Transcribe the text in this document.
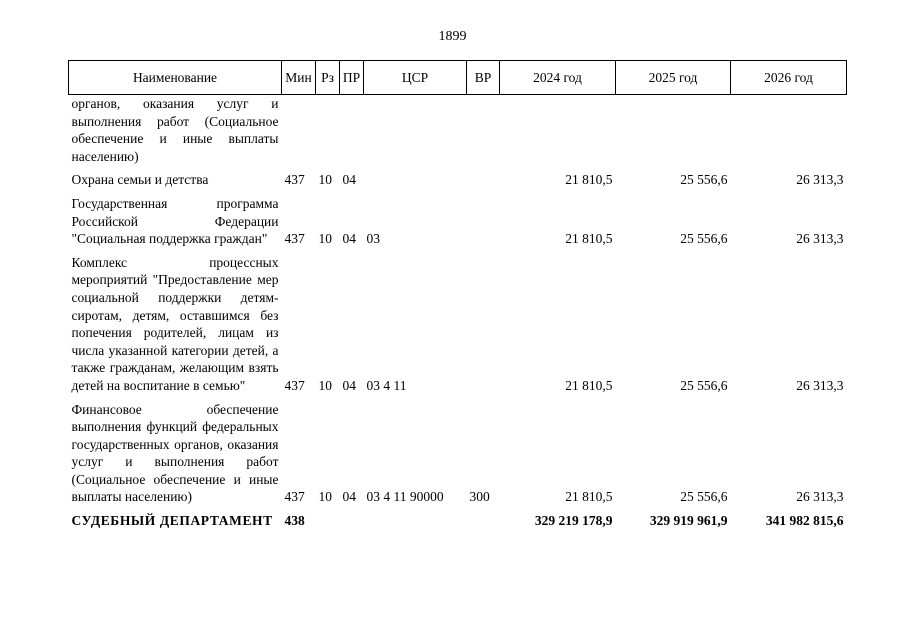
1899
Наименование	Мин	Рз	ПР	ЦСР	ВР	2024 год	2025 год	2026 год
органов, оказания услуг и выполнения работ (Социальное обеспечение и иные выплаты населению)								

Охрана семьи и детства	437	10	04			21 810,5	25 556,6	26 313,3

Государственная программа Российской Федерации "Социальная поддержка граждан"	437	10	04	03		21 810,5	25 556,6	26 313,3

Комплекс процессных мероприятий "Предоставление мер социальной поддержки детям-сиротам, детям, оставшимся без попечения родителей, лицам из числа указанной категории детей, а также гражданам, желающим взять детей на воспитание в семью"	437	10	04	03 4 11		21 810,5	25 556,6	26 313,3

Финансовое обеспечение выполнения функций федеральных государственных органов, оказания услуг и выполнения работ (Социальное обеспечение и иные выплаты населению)	437	10	04	03 4 11 90000	300	21 810,5	25 556,6	26 313,3
СУДЕБНЫЙ ДЕПАРТАМЕНТ	438					329 219 178,9	329 919 961,9	341 982 815,6
